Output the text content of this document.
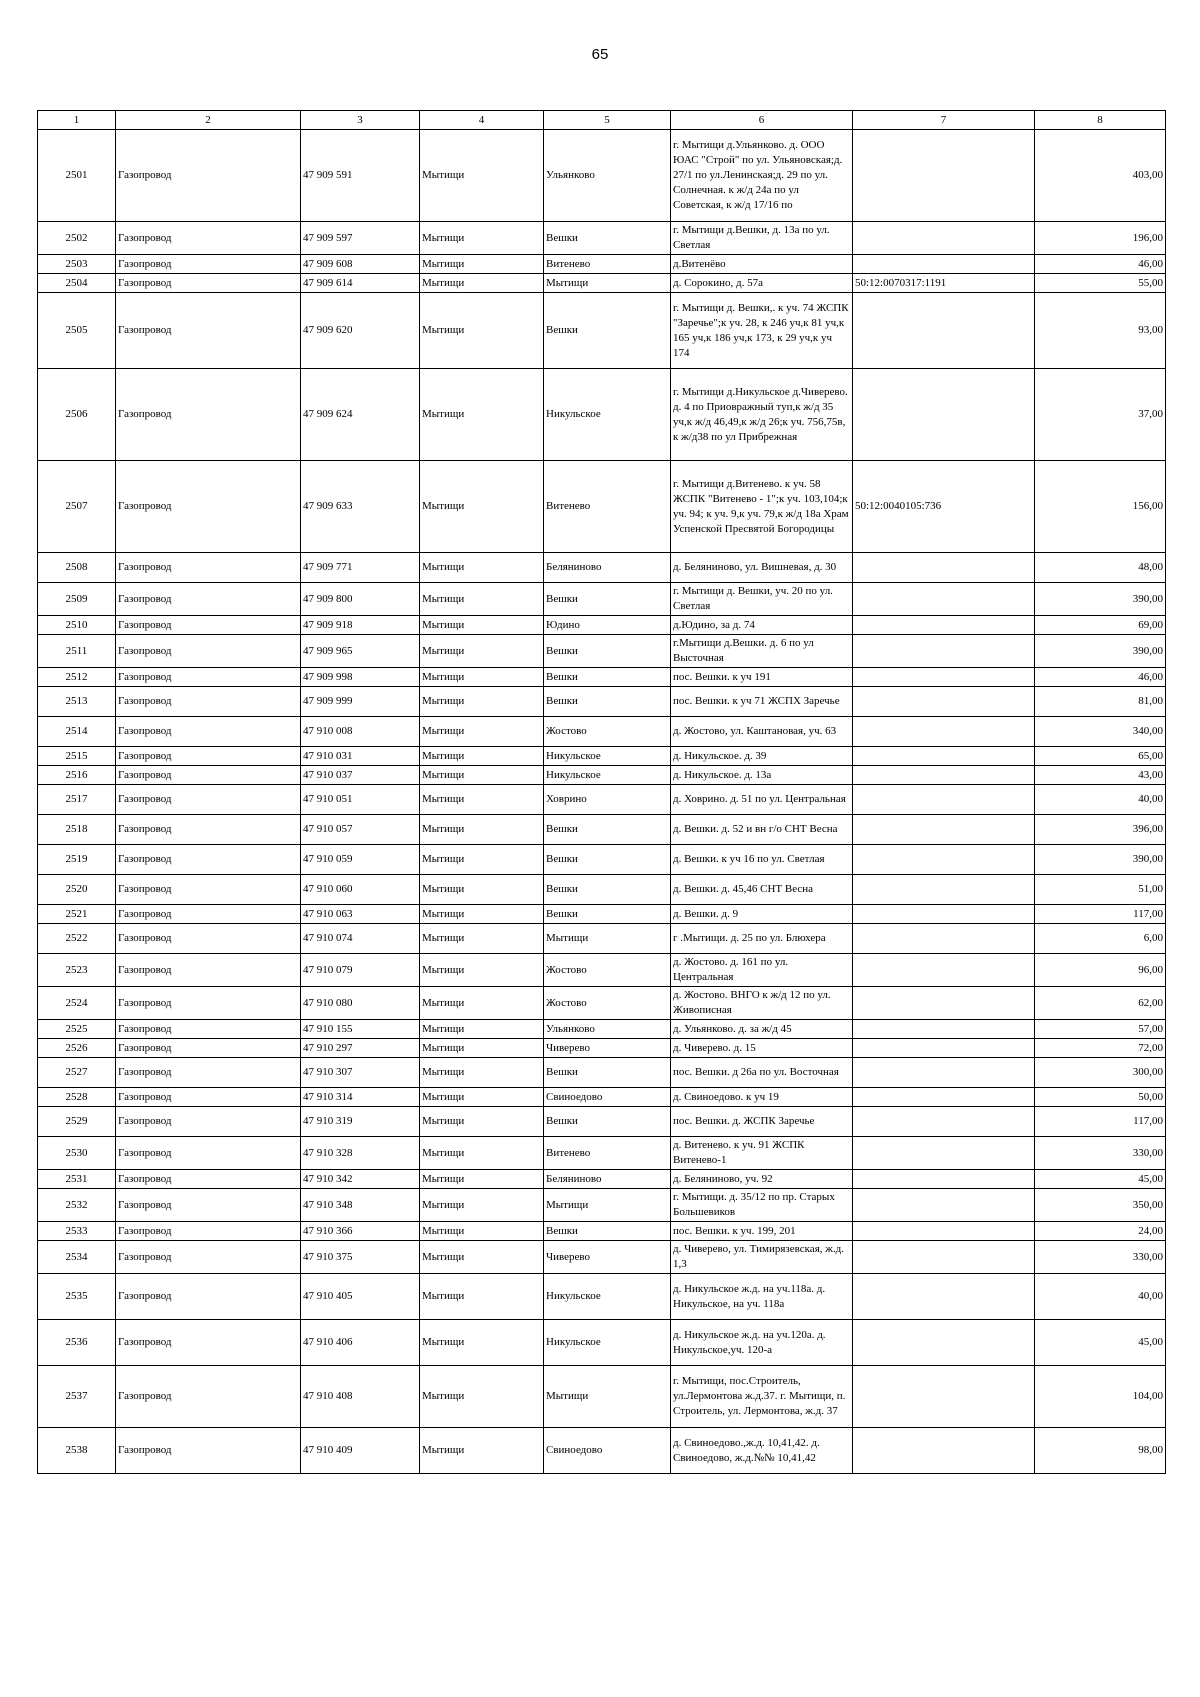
65
1	2	3	4	5	6	7	8
2501	Газопровод	47 909 591	Мытищи	Ульянково	г. Мытищи д.Ульянково. д. ООО ЮАС "Строй" по ул. Ульяновская;д. 27/1 по ул.Ленинская;д. 29 по ул. Солнечная. к ж/д 24а по ул Советская, к ж/д 17/16 по		403,00
2502	Газопровод	47 909 597	Мытищи	Вешки	г. Мытищи д.Вешки, д. 13а по ул. Светлая		196,00
2503	Газопровод	47 909 608	Мытищи	Витенево	д.Витенёво		46,00
2504	Газопровод	47 909 614	Мытищи	Мытищи	д. Сорокино, д. 57а	50:12:0070317:1191	55,00
2505	Газопровод	47 909 620	Мытищи	Вешки	г. Мытищи д. Вешки,. к уч. 74 ЖСПК "Заречье";к уч. 28, к 246 уч,к 81 уч,к 165 уч,к 186 уч,к 173, к 29 уч,к уч 174		93,00
2506	Газопровод	47 909 624	Мытищи	Никульское	г. Мытищи д.Никульское д.Чиверево. д. 4 по Приовражный туп,к ж/д 35 уч,к ж/д 46,49,к ж/д 26;к уч. 756,75в, к ж/д38 по ул Прибрежная		37,00
2507	Газопровод	47 909 633	Мытищи	Витенево	г. Мытищи д.Витенево. к уч. 58 ЖСПК "Витенево - 1";к уч. 103,104;к уч. 94; к уч. 9,к уч. 79,к ж/д 18а Храм Успенской Пресвятой Богородицы	50:12:0040105:736	156,00
2508	Газопровод	47 909 771	Мытищи	Беляниново	д. Беляниново, ул. Вишневая, д. 30		48,00
2509	Газопровод	47 909 800	Мытищи	Вешки	г. Мытищи д. Вешки, уч. 20 по ул. Светлая		390,00
2510	Газопровод	47 909 918	Мытищи	Юдино	д.Юдино, за д. 74		69,00
2511	Газопровод	47 909 965	Мытищи	Вешки	г.Мытищи д.Вешки. д. 6 по ул Высточная		390,00
2512	Газопровод	47 909 998	Мытищи	Вешки	пос. Вешки. к уч 191		46,00
2513	Газопровод	47 909 999	Мытищи	Вешки	пос. Вешки. к уч 71 ЖСПХ Заречье		81,00
2514	Газопровод	47 910 008	Мытищи	Жостово	д. Жостово, ул. Каштановая, уч. 63		340,00
2515	Газопровод	47 910 031	Мытищи	Никульское	д. Никульское. д. 39		65,00
2516	Газопровод	47 910 037	Мытищи	Никульское	д. Никульское. д. 13а		43,00
2517	Газопровод	47 910 051	Мытищи	Ховрино	д. Ховрино. д. 51 по ул. Центральная		40,00
2518	Газопровод	47 910 057	Мытищи	Вешки	д. Вешки. д. 52 и вн г/о СНТ Весна		396,00
2519	Газопровод	47 910 059	Мытищи	Вешки	д. Вешки. к уч 16 по ул. Светлая		390,00
2520	Газопровод	47 910 060	Мытищи	Вешки	д. Вешки. д. 45,46 СНТ Весна		51,00
2521	Газопровод	47 910 063	Мытищи	Вешки	д. Вешки. д. 9		117,00
2522	Газопровод	47 910 074	Мытищи	Мытищи	г .Мытищи. д. 25 по ул. Блюхера		6,00
2523	Газопровод	47 910 079	Мытищи	Жостово	д. Жостово. д. 161 по ул. Центральная		96,00
2524	Газопровод	47 910 080	Мытищи	Жостово	д. Жостово. ВНГО к ж/д 12 по ул. Живописная		62,00
2525	Газопровод	47 910 155	Мытищи	Ульянково	д. Ульянково. д. за ж/д 45		57,00
2526	Газопровод	47 910 297	Мытищи	Чиверево	д. Чиверево. д. 15		72,00
2527	Газопровод	47 910 307	Мытищи	Вешки	пос. Вешки. д 26а по ул. Восточная		300,00
2528	Газопровод	47 910 314	Мытищи	Свиноедово	д. Свиноедово. к уч 19		50,00
2529	Газопровод	47 910 319	Мытищи	Вешки	пос. Вешки. д. ЖСПК Заречье		117,00
2530	Газопровод	47 910 328	Мытищи	Витенево	д. Витенево. к уч. 91 ЖСПК Витенево-1		330,00
2531	Газопровод	47 910 342	Мытищи	Беляниново	д. Беляниново, уч. 92		45,00
2532	Газопровод	47 910 348	Мытищи	Мытищи	г. Мытищи. д. 35/12 по пр. Старых Большевиков		350,00
2533	Газопровод	47 910 366	Мытищи	Вешки	пос. Вешки. к уч. 199, 201		24,00
2534	Газопровод	47 910 375	Мытищи	Чиверево	д. Чиверево, ул. Тимирязевская, ж.д. 1,3		330,00
2535	Газопровод	47 910 405	Мытищи	Никульское	д. Никульское ж.д. на уч.118а. д. Никульское, на уч. 118а		40,00
2536	Газопровод	47 910 406	Мытищи	Никульское	д. Никульское ж.д. на уч.120а. д. Никульское,уч. 120-а		45,00
2537	Газопровод	47 910 408	Мытищи	Мытищи	г. Мытищи, пос.Строитель, ул.Лермонтова ж.д.37. г. Мытищи, п. Строитель, ул. Лермонтова, ж.д. 37		104,00
2538	Газопровод	47 910 409	Мытищи	Свиноедово	д. Свиноедово.,ж.д. 10,41,42. д. Свиноедово, ж.д.№№ 10,41,42		98,00
